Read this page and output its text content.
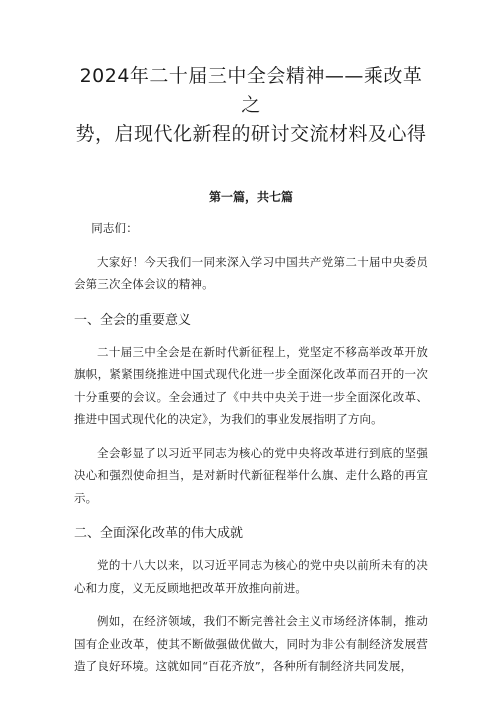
2024年二十届三中全会精神——乘改革之
势，启现代化新程的研讨交流材料及心得
第一篇，共七篇

同志们：

大家好！今天我们一同来深入学习中国共产党第二十届中央委员会第三次全体会议的精神。

一、全会的重要意义

二十届三中全会是在新时代新征程上，党坚定不移高举改革开放旗帜，紧紧围绕推进中国式现代化进一步全面深化改革而召开的一次十分重要的会议。全会通过了《中共中央关于进一步全面深化改革、推进中国式现代化的决定》，为我们的事业发展指明了方向。

全会彰显了以习近平同志为核心的党中央将改革进行到底的坚强决心和强烈使命担当，是对新时代新征程举什么旗、走什么路的再宣示。

二、全面深化改革的伟大成就

党的十八大以来，以习近平同志为核心的党中央以前所未有的决心和力度，义无反顾地把改革开放推向前进。

例如，在经济领域，我们不断完善社会主义市场经济体制，推动国有企业改革，使其不断做强做优做大，同时为非公有制经济发展营造了良好环境。这就如同“百花齐放”，各种所有制经济共同发展，
